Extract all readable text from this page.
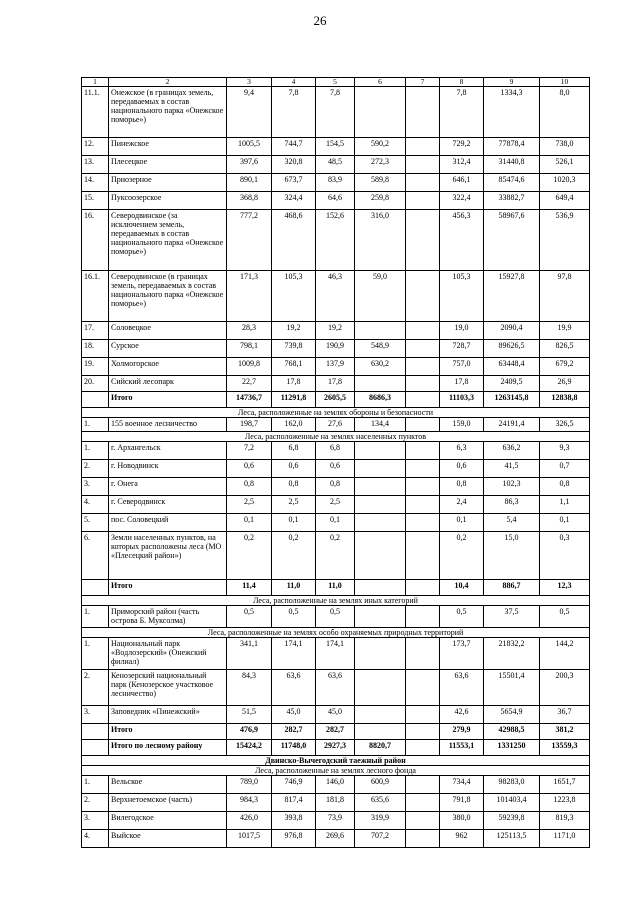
26
1	2	3	4	5	6	7	8	9	10
11.1.	Онежское (в границах земель, передаваемых в состав национального парка «Онежское поморье»)	9,4	7,8	7,8			7,8	1334,3	8,0
12.	Пинежское	1005,5	744,7	154,5	590,2		729,2	77878,4	738,0
13.	Плесецкое	397,6	320,8	48,5	272,3		312,4	31440,8	526,1
14.	Приозерное	890,1	673,7	83,9	589,8		646,1	85474,6	1020,3
15.	Пуксоозерское	368,8	324,4	64,6	259,8		322,4	33882,7	649,4
16.	Северодвинское (за исключением земель, передаваемых в состав национального парка «Онежское поморье»)	777,2	468,6	152,6	316,0		456,3	58967,6	536,9
16.1.	Северодвинское (в границах земель, передаваемых в состав национального парка «Онежское поморье»)	171,3	105,3	46,3	59,0		105,3	15927,8	97,8
17.	Соловецкое	28,3	19,2	19,2			19,0	2090,4	19,9
18.	Сурское	798,1	739,8	190,9	548,9		728,7	89626,5	826,5
19.	Холмогорское	1009,8	768,1	137,9	630,2		757,0	63448,4	679,2
20.	Сийский лесопарк	22,7	17,8	17,8			17,8	2409,5	26,9
	Итого	14736,7	11291,8	2605,5	8686,3		11103,3	1263145,8	12838,8
Леса, расположенные на землях обороны и безопасности									
1.	155 военное лесничество	198,7	162,0	27,6	134,4		159,0	24191,4	326,5
Леса, расположенные на землях населенных пунктов									
1.	г. Архангельск	7,2	6,8	6,8			6,3	636,2	9,3
2.	г. Новодвинск	0,6	0,6	0,6			0,6	41,5	0,7
3.	г. Онега	0,8	0,8	0,8			0,8	102,3	0,8
4.	г. Северодвинск	2,5	2,5	2,5			2,4	86,3	1,1
5.	пос. Соловецкий	0,1	0,1	0,1			0,1	5,4	0,1
6.	Земли населенных пунктов, на которых расположены леса (МО «Плесецкий район»)	0,2	0,2	0,2			0,2	15,0	0,3
	Итого	11,4	11,0	11,0			10,4	886,7	12,3
Леса, расположенные на землях иных категорий									
1.	Приморский район (часть острова Б. Муксолма)	0,5	0,5	0,5			0,5	37,5	0,5
Леса, расположенные на землях особо охраняемых природных территорий									
1.	Национальный парк «Водлозерский» (Онежский филиал)	341,1	174,1	174,1			173,7	21832,2	144,2
2.	Кенозерский национальный парк (Кенозерское участковое лесничество)	84,3	63,6	63,6			63,6	15501,4	200,3
3.	Заповедник «Пинежский»	51,5	45,0	45,0			42,6	5654,9	36,7
	Итого	476,9	282,7	282,7			279,9	42988,5	381,2
	Итого по лесному району	15424,2	11748,0	2927,3	8820,7		11553,1	1331250	13559,3
Двинско-Вычегодский таежный район									
Леса, расположенные на землях лесного фонда									
1.	Вельское	789,0	746,9	146,0	600,9		734,4	98283,0	1651,7
2.	Верхнетоемское (часть)	984,3	817,4	181,8	635,6		791,8	101403,4	1223,8
3.	Вилегодское	426,0	393,8	73,9	319,9		380,0	59239,8	819,3
4.	Выйское	1017,5	976,8	269,6	707,2		962	125113,5	1171,0
